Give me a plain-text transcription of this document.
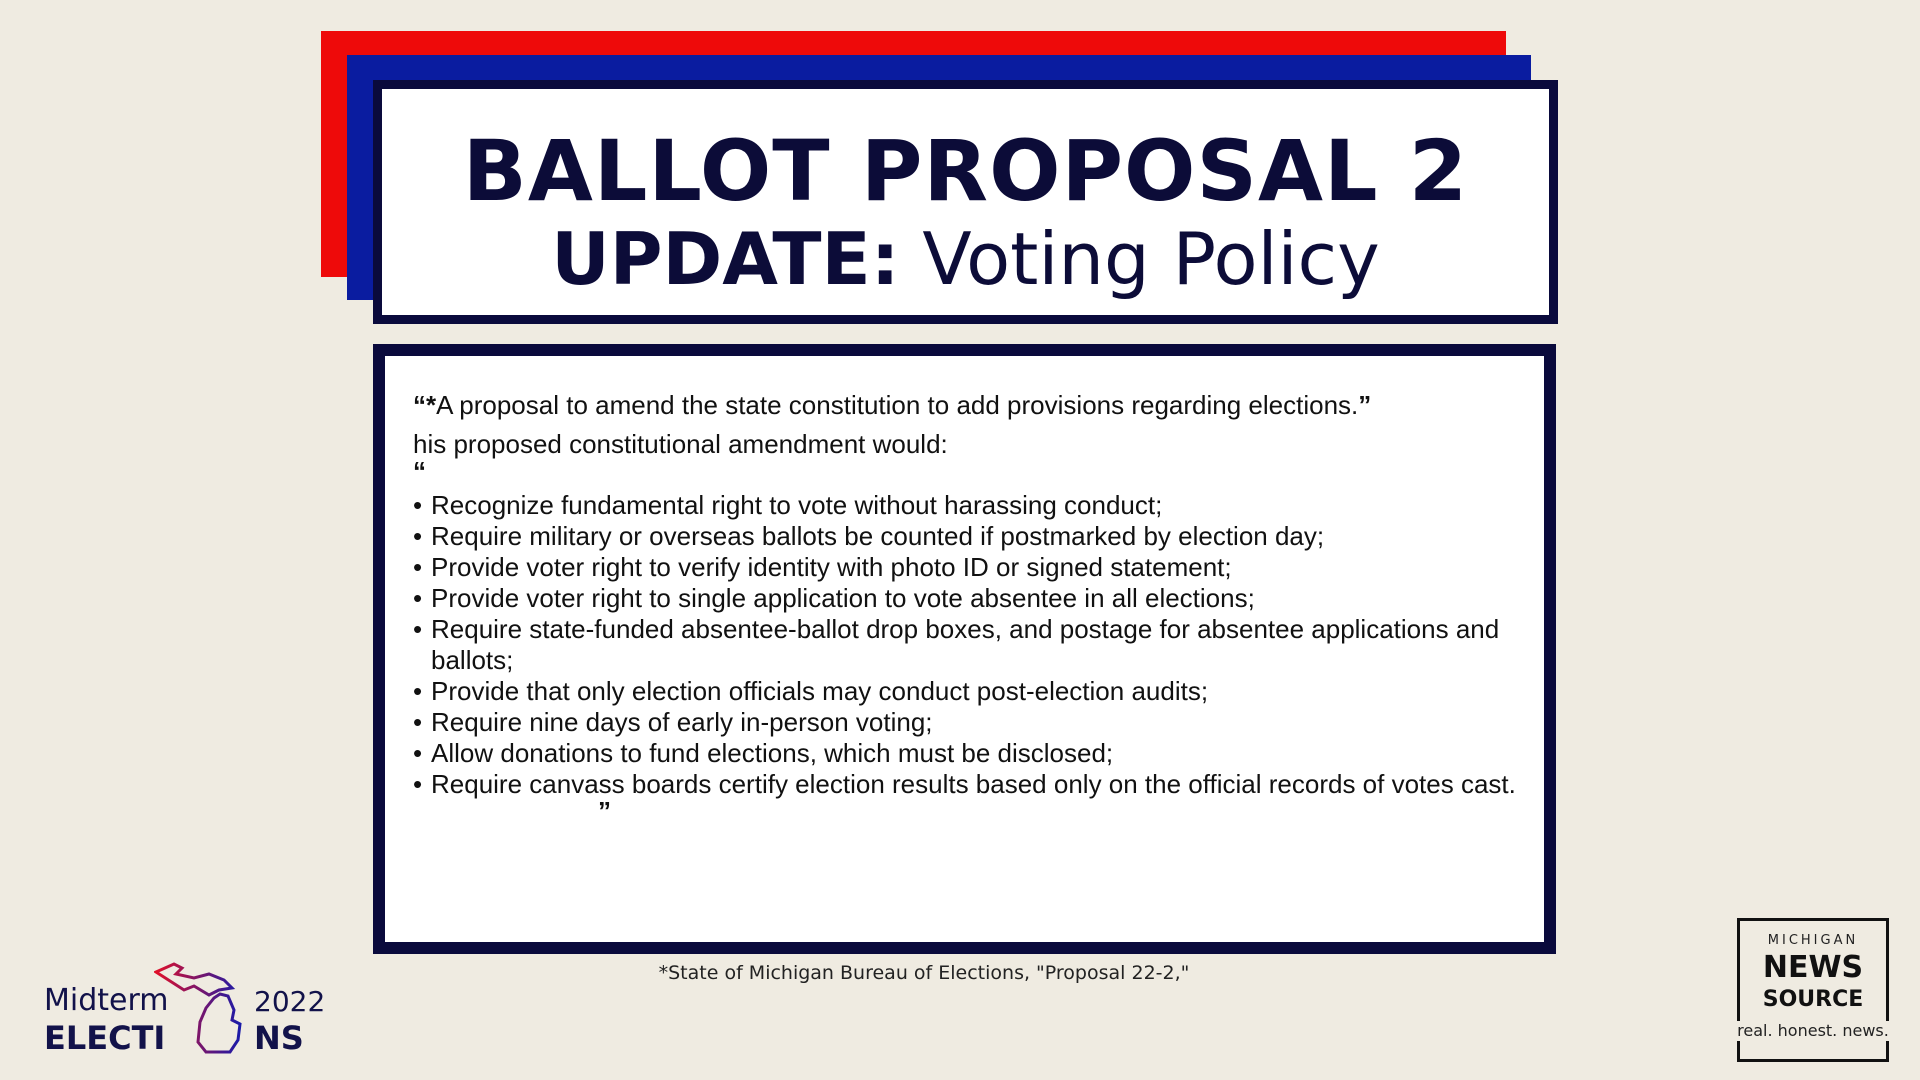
BALLOT PROPOSAL 2
UPDATE: Voting Policy

“*A proposal to amend the state constitution to add provisions regarding elections.”

his proposed constitutional amendment would:

“

• Recognize fundamental right to vote without harassing conduct;
• Require military or overseas ballots be counted if postmarked by election day;
• Provide voter right to verify identity with photo ID or signed statement;
• Provide voter right to single application to vote absentee in all elections;
• Require state-funded absentee-ballot drop boxes, and postage for absentee applications and ballots;
• Provide that only election officials may conduct post-election audits;
• Require nine days of early in-person voting;
• Allow donations to fund elections, which must be disclosed;
• Require canvass boards certify election results based only on the official records of votes cast.

”

*State of Michigan Bureau of Elections, "Proposal 22-2,"
Midterm	2022
ELECTI	NS
MICHIGAN
NEWS
SOURCE
real. honest. news.
